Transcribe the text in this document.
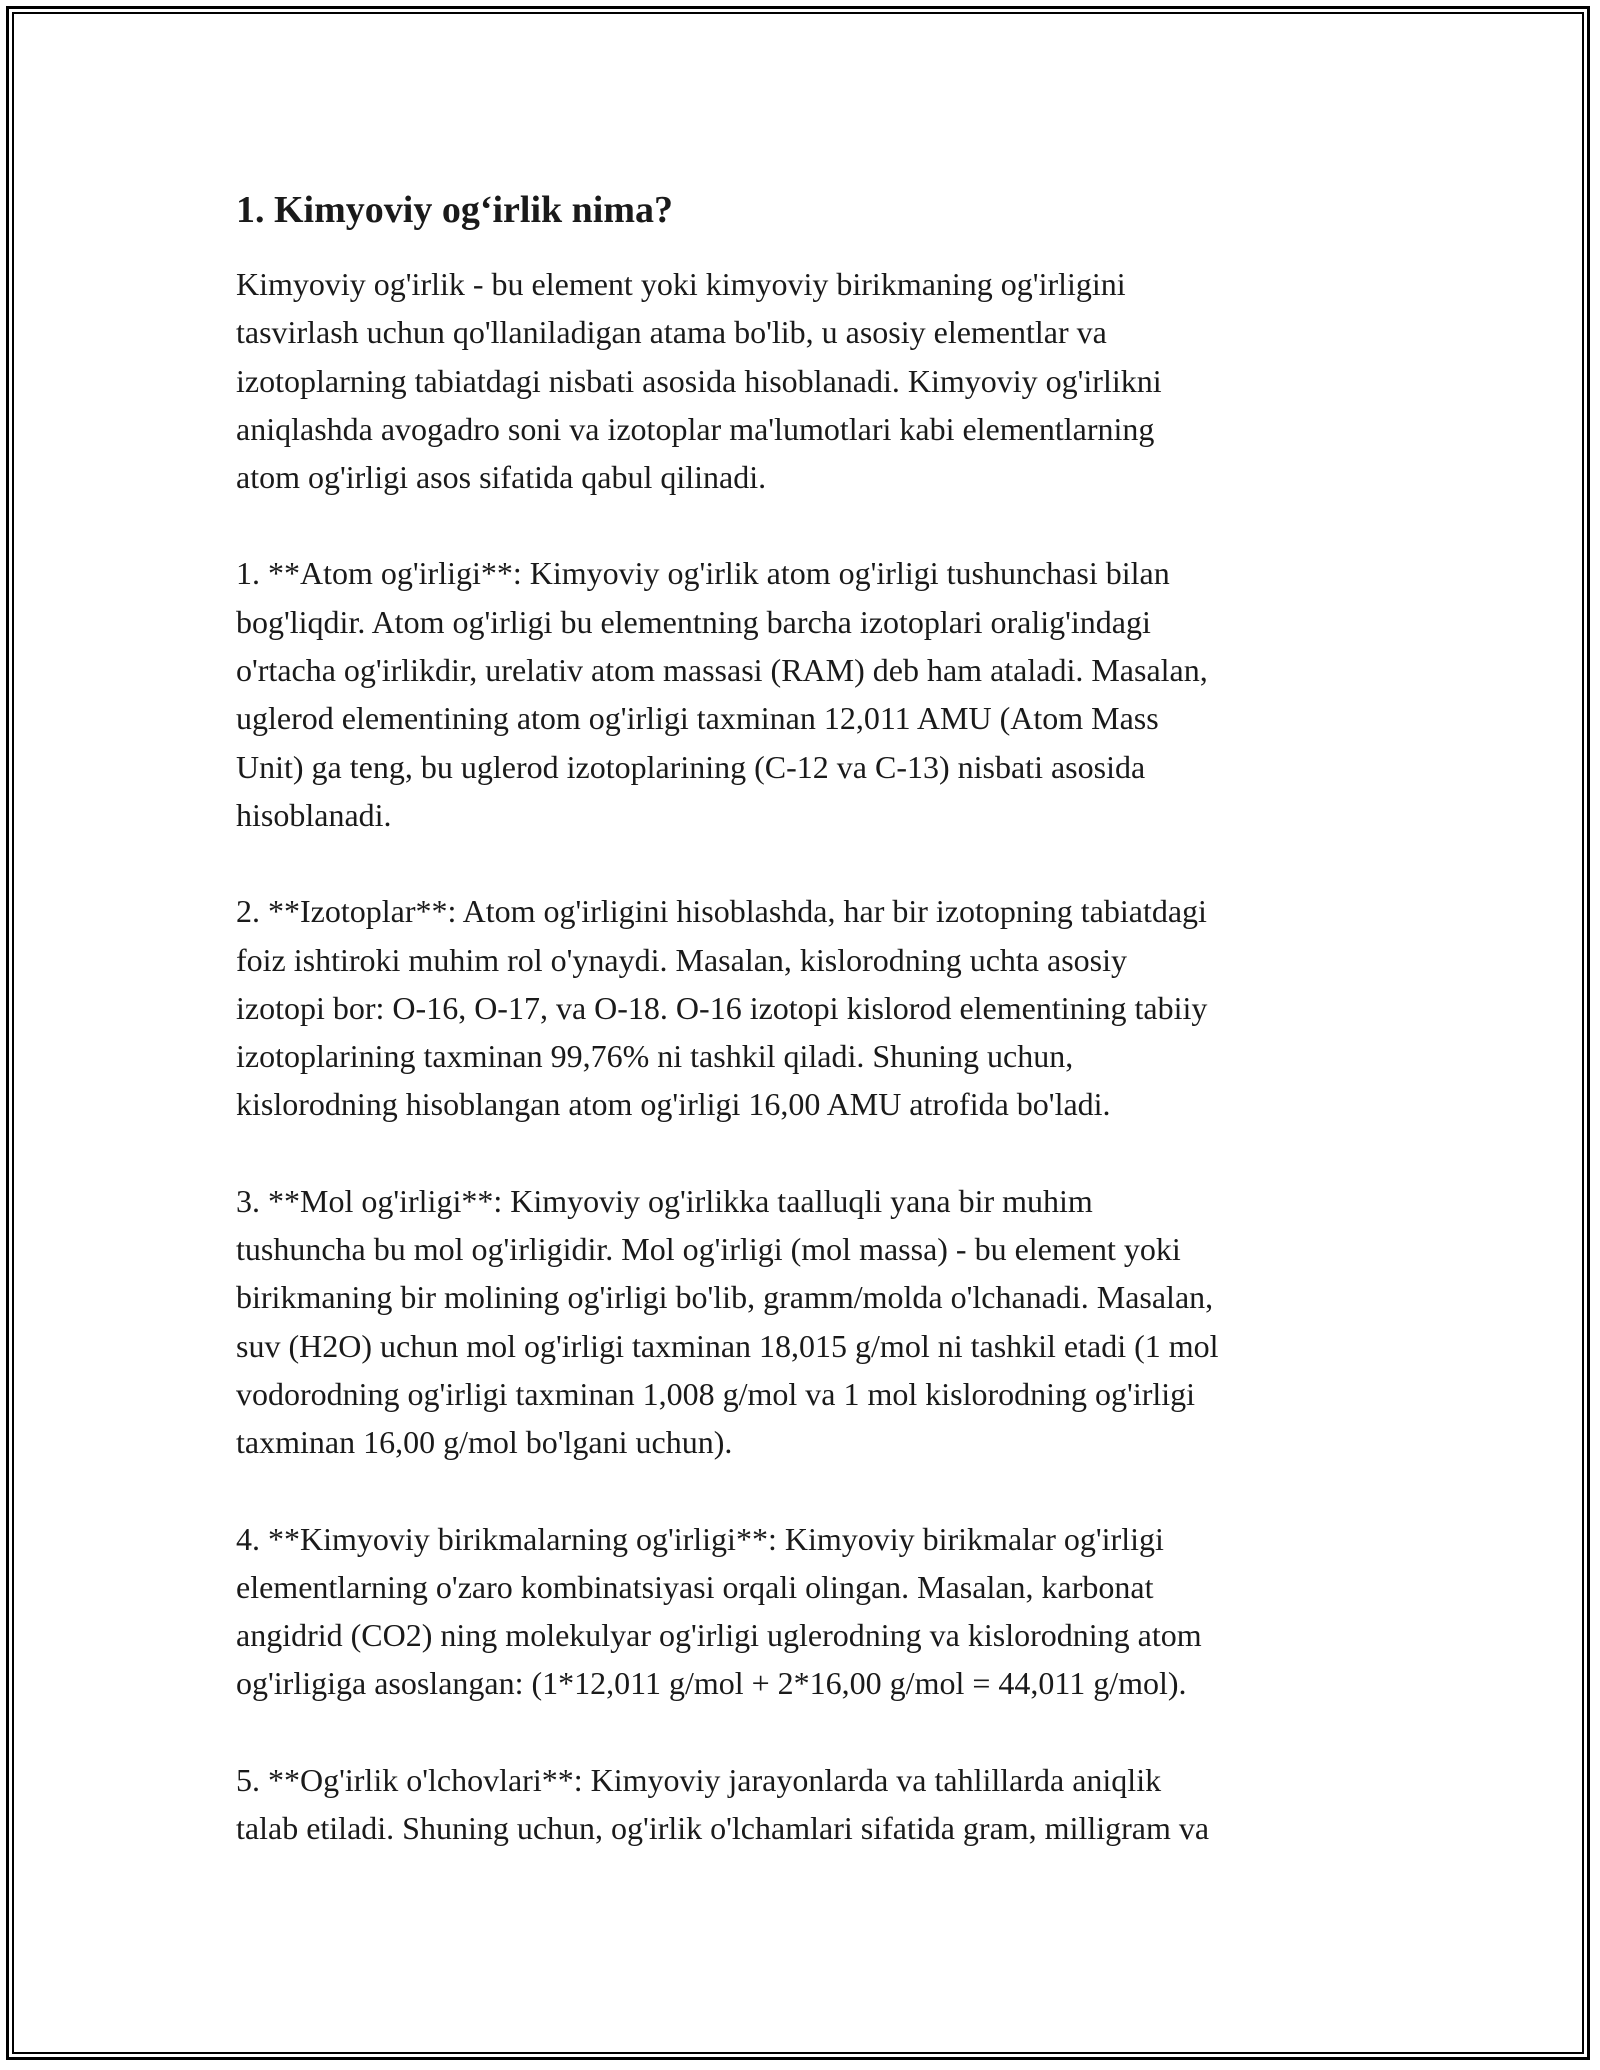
1. Kimyoviy og‘irlik nima?

Kimyoviy og'irlik - bu element yoki kimyoviy birikmaning og'irligini
tasvirlash uchun qo'llaniladigan atama bo'lib, u asosiy elementlar va
izotoplarning tabiatdagi nisbati asosida hisoblanadi. Kimyoviy og'irlikni
aniqlashda avogadro soni va izotoplar ma'lumotlari kabi elementlarning
atom og'irligi asos sifatida qabul qilinadi.

1. **Atom og'irligi**: Kimyoviy og'irlik atom og'irligi tushunchasi bilan
bog'liqdir. Atom og'irligi bu elementning barcha izotoplari oralig'indagi
o'rtacha og'irlikdir, urelativ atom massasi (RAM) deb ham ataladi. Masalan,
uglerod elementining atom og'irligi taxminan 12,011 AMU (Atom Mass
Unit) ga teng, bu uglerod izotoplarining (C-12 va C-13) nisbati asosida
hisoblanadi.

2. **Izotoplar**: Atom og'irligini hisoblashda, har bir izotopning tabiatdagi
foiz ishtiroki muhim rol o'ynaydi. Masalan, kislorodning uchta asosiy
izotopi bor: O-16, O-17, va O-18. O-16 izotopi kislorod elementining tabiiy
izotoplarining taxminan 99,76% ni tashkil qiladi. Shuning uchun,
kislorodning hisoblangan atom og'irligi 16,00 AMU atrofida bo'ladi.

3. **Mol og'irligi**: Kimyoviy og'irlikka taalluqli yana bir muhim
tushuncha bu mol og'irligidir. Mol og'irligi (mol massa) - bu element yoki
birikmaning bir molining og'irligi bo'lib, gramm/molda o'lchanadi. Masalan,
suv (H2O) uchun mol og'irligi taxminan 18,015 g/mol ni tashkil etadi (1 mol
vodorodning og'irligi taxminan 1,008 g/mol va 1 mol kislorodning og'irligi
taxminan 16,00 g/mol bo'lgani uchun).

4. **Kimyoviy birikmalarning og'irligi**: Kimyoviy birikmalar og'irligi
elementlarning o'zaro kombinatsiyasi orqali olingan. Masalan, karbonat
angidrid (CO2) ning molekulyar og'irligi uglerodning va kislorodning atom
og'irligiga asoslangan: (1*12,011 g/mol + 2*16,00 g/mol = 44,011 g/mol).

5. **Og'irlik o'lchovlari**: Kimyoviy jarayonlarda va tahlillarda aniqlik
talab etiladi. Shuning uchun, og'irlik o'lchamlari sifatida gram, milligram va
